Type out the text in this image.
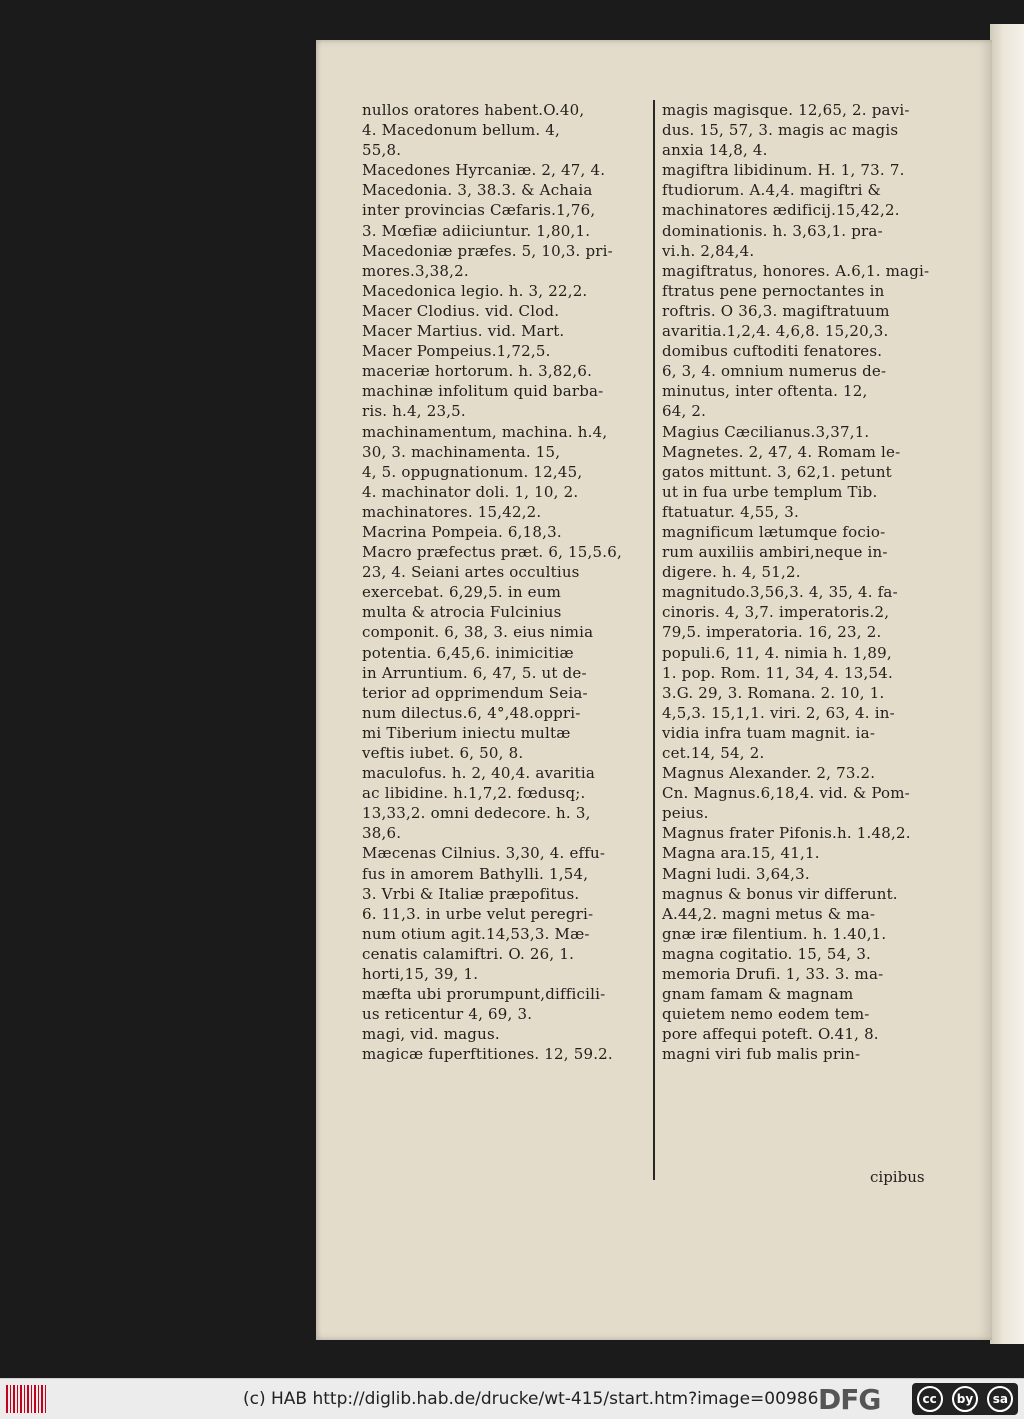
nullos oratores habent.O.40,
4. Macedonum bellum. 4,
55,8.
Macedones Hyrcaniæ. 2, 47, 4.
Macedonia. 3, 38.3. & Achaia
inter provincias Cæfaris.1,76,
3. Mœfiæ adiiciuntur. 1,80,1.
Macedoniæ præfes. 5, 10,3. pri-
mores.3,38,2.
Macedonica legio. h. 3, 22,2.
Macer Clodius. vid. Clod.
Macer Martius. vid. Mart.
Macer Pompeius.1,72,5.
maceriæ hortorum. h. 3,82,6.
machinæ infolitum quid barba-
ris. h.4, 23,5.
machinamentum, machina. h.4,
30, 3. machinamenta. 15,
4, 5. oppugnationum. 12,45,
4. machinator doli. 1, 10, 2.
machinatores. 15,42,2.
Macrina Pompeia. 6,18,3.
Macro præfectus præt. 6, 15,5.6,
23, 4. Seiani artes occultius
exercebat. 6,29,5. in eum
multa & atrocia Fulcinius
componit. 6, 38, 3. eius nimia
potentia. 6,45,6. inimicitiæ
in Arruntium. 6, 47, 5. ut de-
terior ad opprimendum Seia-
num dilectus.6, 4°,48.oppri-
mi Tiberium iniectu multæ
veftis iubet. 6, 50, 8.
maculofus. h. 2, 40,4. avaritia
ac libidine. h.1,7,2. fœdusq;.
13,33,2. omni dedecore. h. 3,
38,6.
Mæcenas Cilnius. 3,30, 4. effu-
fus in amorem Bathylli. 1,54,
3. Vrbi & Italiæ præpofitus.
6. 11,3. in urbe velut peregri-
num otium agit.14,53,3. Mæ-
cenatis calamiftri. O. 26, 1.
horti,15, 39, 1.
mæfta ubi prorumpunt,difficili-
us reticentur 4, 69, 3.
magi, vid. magus.
magicæ fuperftitiones. 12, 59.2.
magis magisque. 12,65, 2. pavi-
dus. 15, 57, 3. magis ac magis
anxia 14,8, 4.
magiftra libidinum. H. 1, 73. 7.
ftudiorum. A.4,4. magiftri &
machinatores ædificij.15,42,2.
dominationis. h. 3,63,1. pra-
vi.h. 2,84,4.
magiftratus, honores. A.6,1. magi-
ftratus pene pernoctantes in
roftris. O 36,3. magiftratuum
avaritia.1,2,4. 4,6,8. 15,20,3.
domibus cuftoditi fenatores.
6, 3, 4. omnium numerus de-
minutus, inter oftenta. 12,
64, 2.
Magius Cæcilianus.3,37,1.
Magnetes. 2, 47, 4. Romam le-
gatos mittunt. 3, 62,1. petunt
ut in fua urbe templum Tib.
ftatuatur. 4,55, 3.
magnificum lætumque focio-
rum auxiliis ambiri,neque in-
digere. h. 4, 51,2.
magnitudo.3,56,3. 4, 35, 4. fa-
cinoris. 4, 3,7. imperatoris.2,
79,5. imperatoria. 16, 23, 2.
populi.6, 11, 4. nimia h. 1,89,
1. pop. Rom. 11, 34, 4. 13,54.
3.G. 29, 3. Romana. 2. 10, 1.
4,5,3. 15,1,1. viri. 2, 63, 4. in-
vidia infra tuam magnit. ia-
cet.14, 54, 2.
Magnus Alexander. 2, 73.2.
Cn. Magnus.6,18,4. vid. & Pom-
peius.
Magnus frater Pifonis.h. 1.48,2.
Magna ara.15, 41,1.
Magni ludi. 3,64,3.
magnus & bonus vir differunt.
A.44,2. magni metus & ma-
gnæ iræ filentium. h. 1.40,1.
magna cogitatio. 15, 54, 3.
memoria Drufi. 1, 33. 3. ma-
gnam famam & magnam
quietem nemo eodem tem-
pore affequi poteft. O.41, 8.
magni viri fub malis prin-
cipibus
(c) HAB http://diglib.hab.de/drucke/wt-415/start.htm?image=00986 DFG	cc	by	sa
